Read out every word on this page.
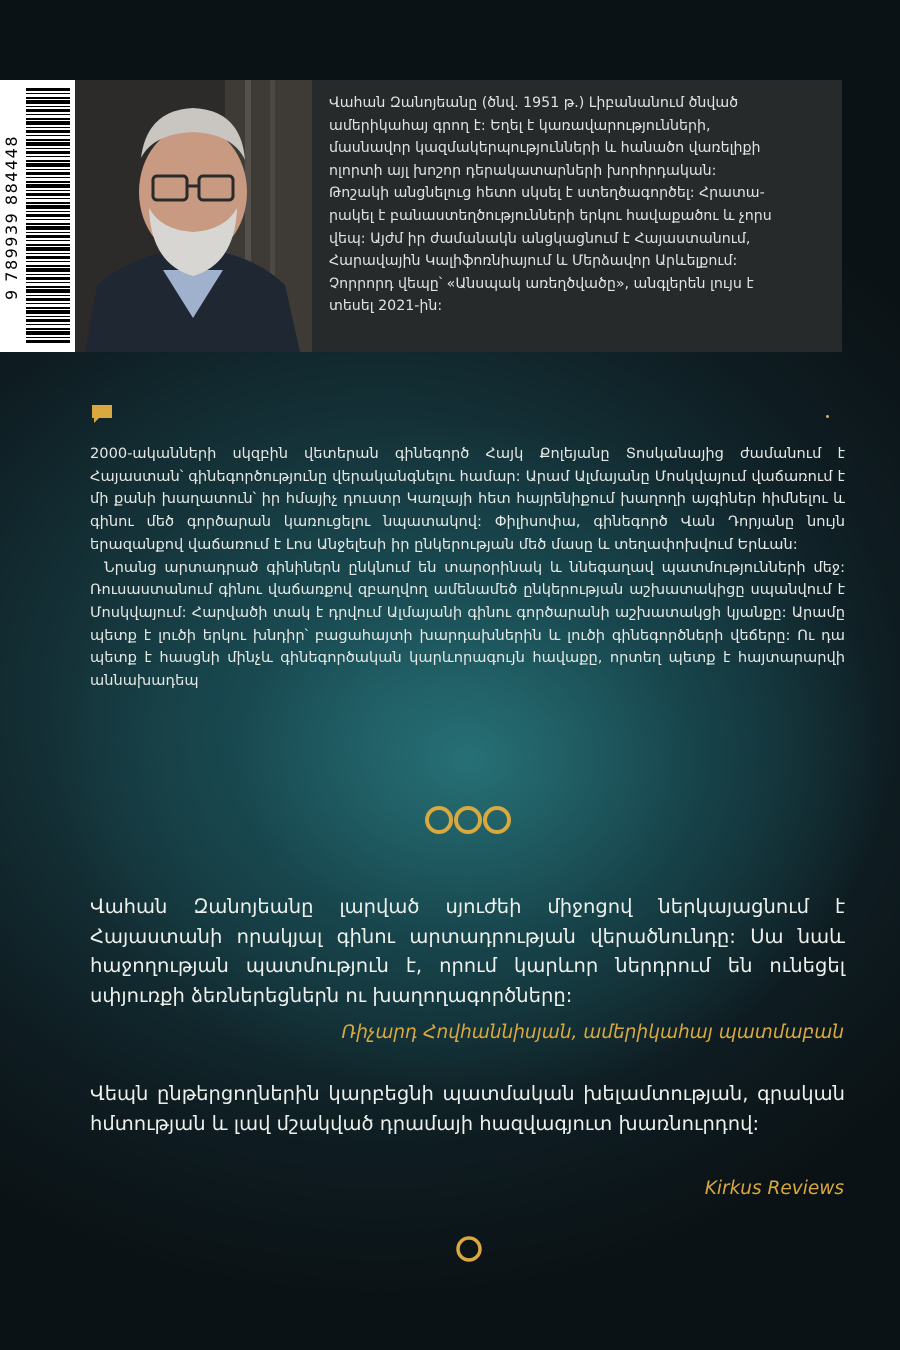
9 789939 884448
Վահան Զանոյեանը (ծնվ. 1951 թ.) Լիբանանում ծնված
ամերիկահայ գրող է: Եղել է կառավարությունների,
մասնավոր կազմակերպությունների և հանածո վառելիքի
ոլորտի այլ խոշոր դերակատարների խորհրդական:
Թոշակի անցնելուց հետո սկսել է ստեղծագործել: Հրատա-
րակել է բանաստեղծությունների երկու հավաքածու և չորս
վեպ: Այժմ իր ժամանակն անցկացնում է Հայաստանում,
Հարավային Կալիֆոռնիայում և Մերձավոր Արևելքում:
Չորրորդ վեպը՝ «Անսպակ առեղծվածը», անգլերեն լույս է
տեսել 2021-ին:

2000-ականների սկզբին վետերան գինեգործ Հայկ Քոլեյանը Տոսկանայից ժամանում է Հայաստան՝ գինեգործությունը վերականգնելու համար: Արամ Ալմայանը Մոսկվայում վաճառում է մի քանի խաղատուն՝ իր հմայիչ դուստր Կառլայի հետ հայրենիքում խաղողի այգիներ հիմնելու և գինու մեծ գործարան կառուցելու նպատակով: Փիլիսոփա, գինեգործ Վան Դորյանը նույն երազանքով վաճառում է Լոս Անջելեսի իր ընկերության մեծ մասը և տեղափոխվում Երևան:

Նրանց արտադրած գինիներն ընկնում են տարօրինակ և ննեգաղավ պատմությունների մեջ: Ռուսաստանում գինու վաճառքով զբաղվող ամենամեծ ընկերության աշխատակիցը սպանվում է Մոսկվայում: Հարվածի տակ է դրվում Ալմայանի գինու գործարանի աշխատակցի կյանքը: Արամը պետք է լուծի երկու խնդիր՝ բացահայտի խարդախներին և լուծի գինեգործների վեճերը: Ու դա պետք է հասցնի մինչև գինեգործական կարևորագույն հավաքը, որտեղ պետք է հայտարարվի աննախադեպ

Վահան Զանոյեանը լարված սյուժեի միջոցով ներկայացնում է Հայաստանի որակյալ գինու արտադրության վերածնունդը: Սա նաև հաջողության պատմություն է, որում կարևոր ներդրում են ունեցել սփյուռքի ձեռներեցներն ու խաղողագործները:
Ռիչարդ Հովհաննիսյան, ամերիկահայ պատմաբան
Վեպն ընթերցողներին կարբեցնի պատմական խելամտության, գրական հմտության և լավ մշակված դրամայի հազվագյուտ խառնուրդով:
Kirkus Reviews
